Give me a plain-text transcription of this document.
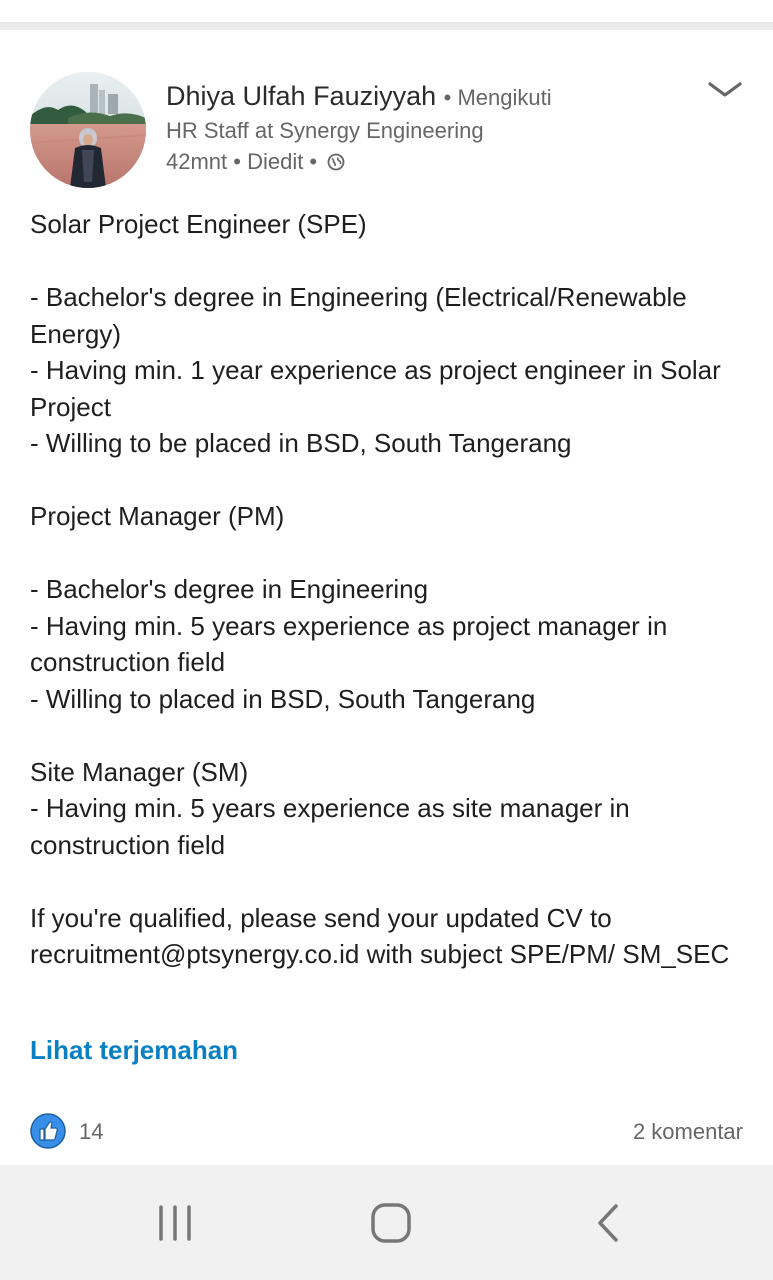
Dhiya Ulfah Fauziyyah • Mengikuti
HR Staff at Synergy Engineering
42mnt • Diedit •
Solar Project Engineer (SPE)

- Bachelor's degree in Engineering (Electrical/Renewable Energy)
- Having min. 1 year experience as project engineer in Solar Project
- Willing to be placed in BSD, South Tangerang

Project Manager (PM)

- Bachelor's degree in Engineering
- Having min. 5 years experience as project manager in construction field
- Willing to placed in BSD, South Tangerang

Site Manager (SM)
- Having min. 5 years experience as site manager in construction field

If you're qualified, please send your updated CV to recruitment@ptsynergy.co.id with subject SPE/PM/ SM_SEC
Lihat terjemahan
14	2 komentar
